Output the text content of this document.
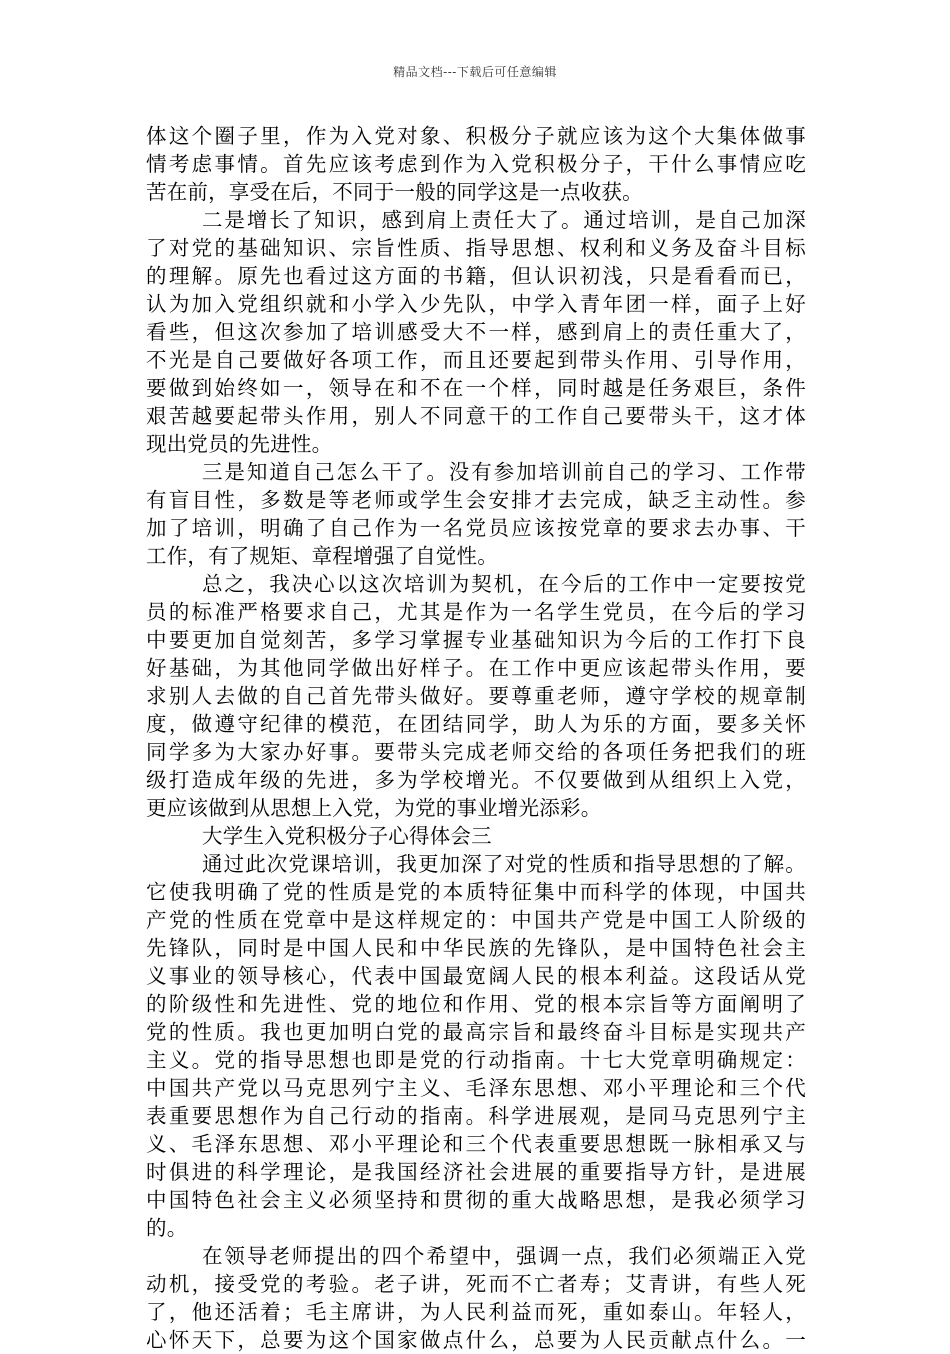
精品文档---下载后可任意编辑
体这个圈子里，作为入党对象、积极分子就应该为这个大集体做事
情考虑事情。首先应该考虑到作为入党积极分子，干什么事情应吃
苦在前，享受在后，不同于一般的同学这是一点收获。
二是增长了知识，感到肩上责任大了。通过培训，是自己加深
了对党的基础知识、宗旨性质、指导思想、权利和义务及奋斗目标
的理解。原先也看过这方面的书籍，但认识初浅，只是看看而已，
认为加入党组织就和小学入少先队，中学入青年团一样，面子上好
看些，但这次参加了培训感受大不一样，感到肩上的责任重大了，
不光是自己要做好各项工作，而且还要起到带头作用、引导作用，
要做到始终如一，领导在和不在一个样，同时越是任务艰巨，条件
艰苦越要起带头作用，别人不同意干的工作自己要带头干，这才体
现出党员的先进性。
三是知道自己怎么干了。没有参加培训前自己的学习、工作带
有盲目性，多数是等老师或学生会安排才去完成，缺乏主动性。参
加了培训，明确了自己作为一名党员应该按党章的要求去办事、干
工作，有了规矩、章程增强了自觉性。
总之，我决心以这次培训为契机，在今后的工作中一定要按党
员的标准严格要求自己，尤其是作为一名学生党员，在今后的学习
中要更加自觉刻苦，多学习掌握专业基础知识为今后的工作打下良
好基础，为其他同学做出好样子。在工作中更应该起带头作用，要
求别人去做的自己首先带头做好。要尊重老师，遵守学校的规章制
度，做遵守纪律的模范，在团结同学，助人为乐的方面，要多关怀
同学多为大家办好事。要带头完成老师交给的各项任务把我们的班
级打造成年级的先进，多为学校增光。不仅要做到从组织上入党，
更应该做到从思想上入党，为党的事业增光添彩。
大学生入党积极分子心得体会三
通过此次党课培训，我更加深了对党的性质和指导思想的了解。
它使我明确了党的性质是党的本质特征集中而科学的体现，中国共
产党的性质在党章中是这样规定的：中国共产党是中国工人阶级的
先锋队，同时是中国人民和中华民族的先锋队，是中国特色社会主
义事业的领导核心，代表中国最宽阔人民的根本利益。这段话从党
的阶级性和先进性、党的地位和作用、党的根本宗旨等方面阐明了
党的性质。我也更加明白党的最高宗旨和最终奋斗目标是实现共产
主义。党的指导思想也即是党的行动指南。十七大党章明确规定：
中国共产党以马克思列宁主义、毛泽东思想、邓小平理论和三个代
表重要思想作为自己行动的指南。科学进展观，是同马克思列宁主
义、毛泽东思想、邓小平理论和三个代表重要思想既一脉相承又与
时俱进的科学理论，是我国经济社会进展的重要指导方针，是进展
中国特色社会主义必须坚持和贯彻的重大战略思想，是我必须学习
的。
在领导老师提出的四个希望中，强调一点，我们必须端正入党
动机，接受党的考验。老子讲，死而不亡者寿；艾青讲，有些人死
了，他还活着；毛主席讲，为人民利益而死，重如泰山。年轻人，
心怀天下，总要为这个国家做点什么，总要为人民贡献点什么。一
